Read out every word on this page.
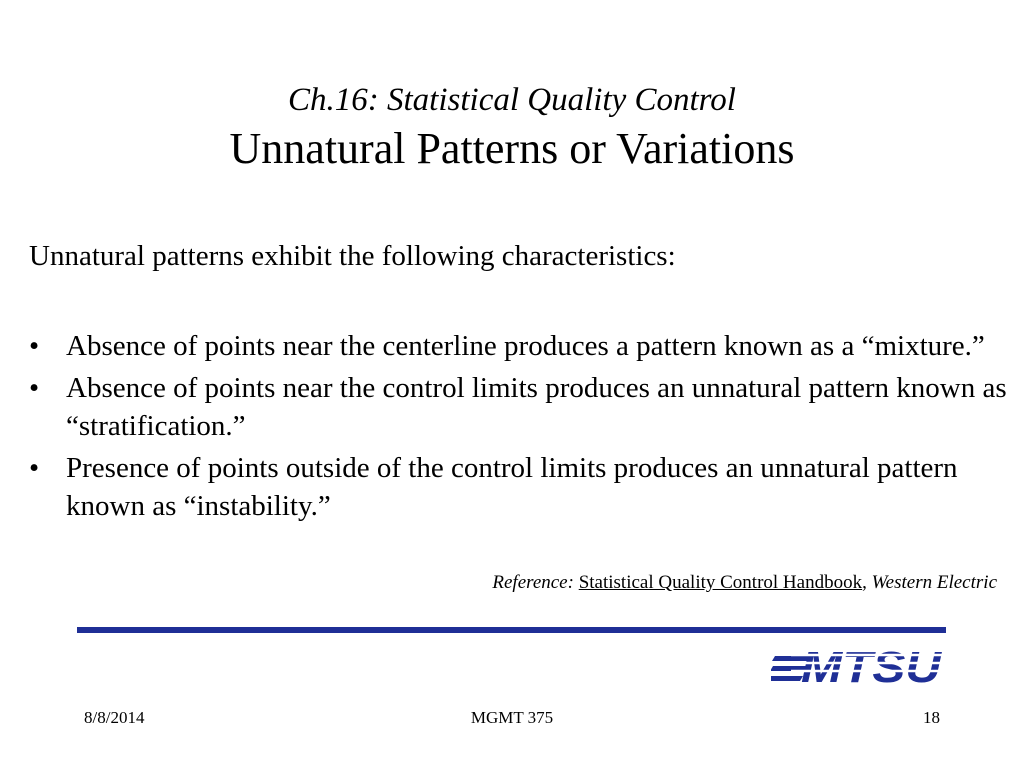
Ch.16: Statistical Quality Control
Unnatural Patterns or Variations
Unnatural patterns exhibit the following characteristics:
• Absence of points near the centerline produces a pattern known as a “mixture.”
• Absence of points near the control limits produces an unnatural pattern known as “stratification.”
• Presence of points outside of the control limits produces an unnatural pattern known as “instability.”
Reference: Statistical Quality Control Handbook, Western Electric
MTSU
8/8/2014	MGMT 375	18
